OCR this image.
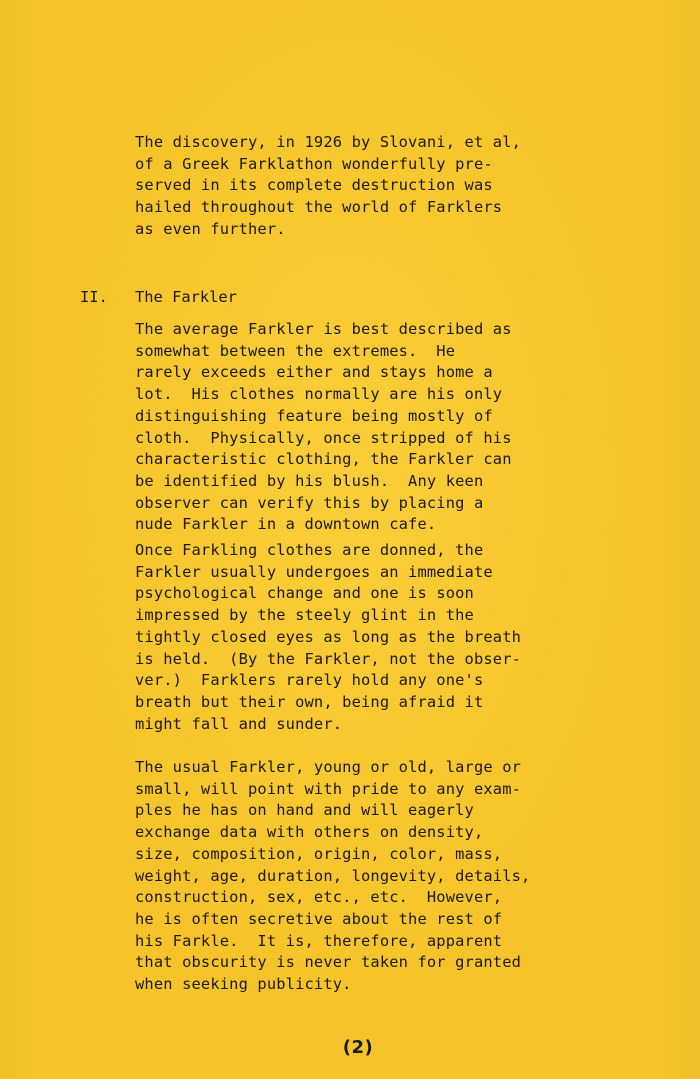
The discovery, in 1926 by Slovani, et al,
of a Greek Farklathon wonderfully pre-
served in its complete destruction was
hailed throughout the world of Farklers
as even further.

II. The Farkler

The average Farkler is best described as
somewhat between the extremes.  He
rarely exceeds either and stays home a
lot.  His clothes normally are his only
distinguishing feature being mostly of
cloth.  Physically, once stripped of his
characteristic clothing, the Farkler can
be identified by his blush.  Any keen
observer can verify this by placing a
nude Farkler in a downtown cafe.

Once Farkling clothes are donned, the
Farkler usually undergoes an immediate
psychological change and one is soon
impressed by the steely glint in the
tightly closed eyes as long as the breath
is held.  (By the Farkler, not the obser-
ver.)  Farklers rarely hold any one's
breath but their own, being afraid it
might fall and sunder.

The usual Farkler, young or old, large or
small, will point with pride to any exam-
ples he has on hand and will eagerly
exchange data with others on density,
size, composition, origin, color, mass,
weight, age, duration, longevity, details,
construction, sex, etc., etc.  However,
he is often secretive about the rest of
his Farkle.  It is, therefore, apparent
that obscurity is never taken for granted
when seeking publicity.

(2)
